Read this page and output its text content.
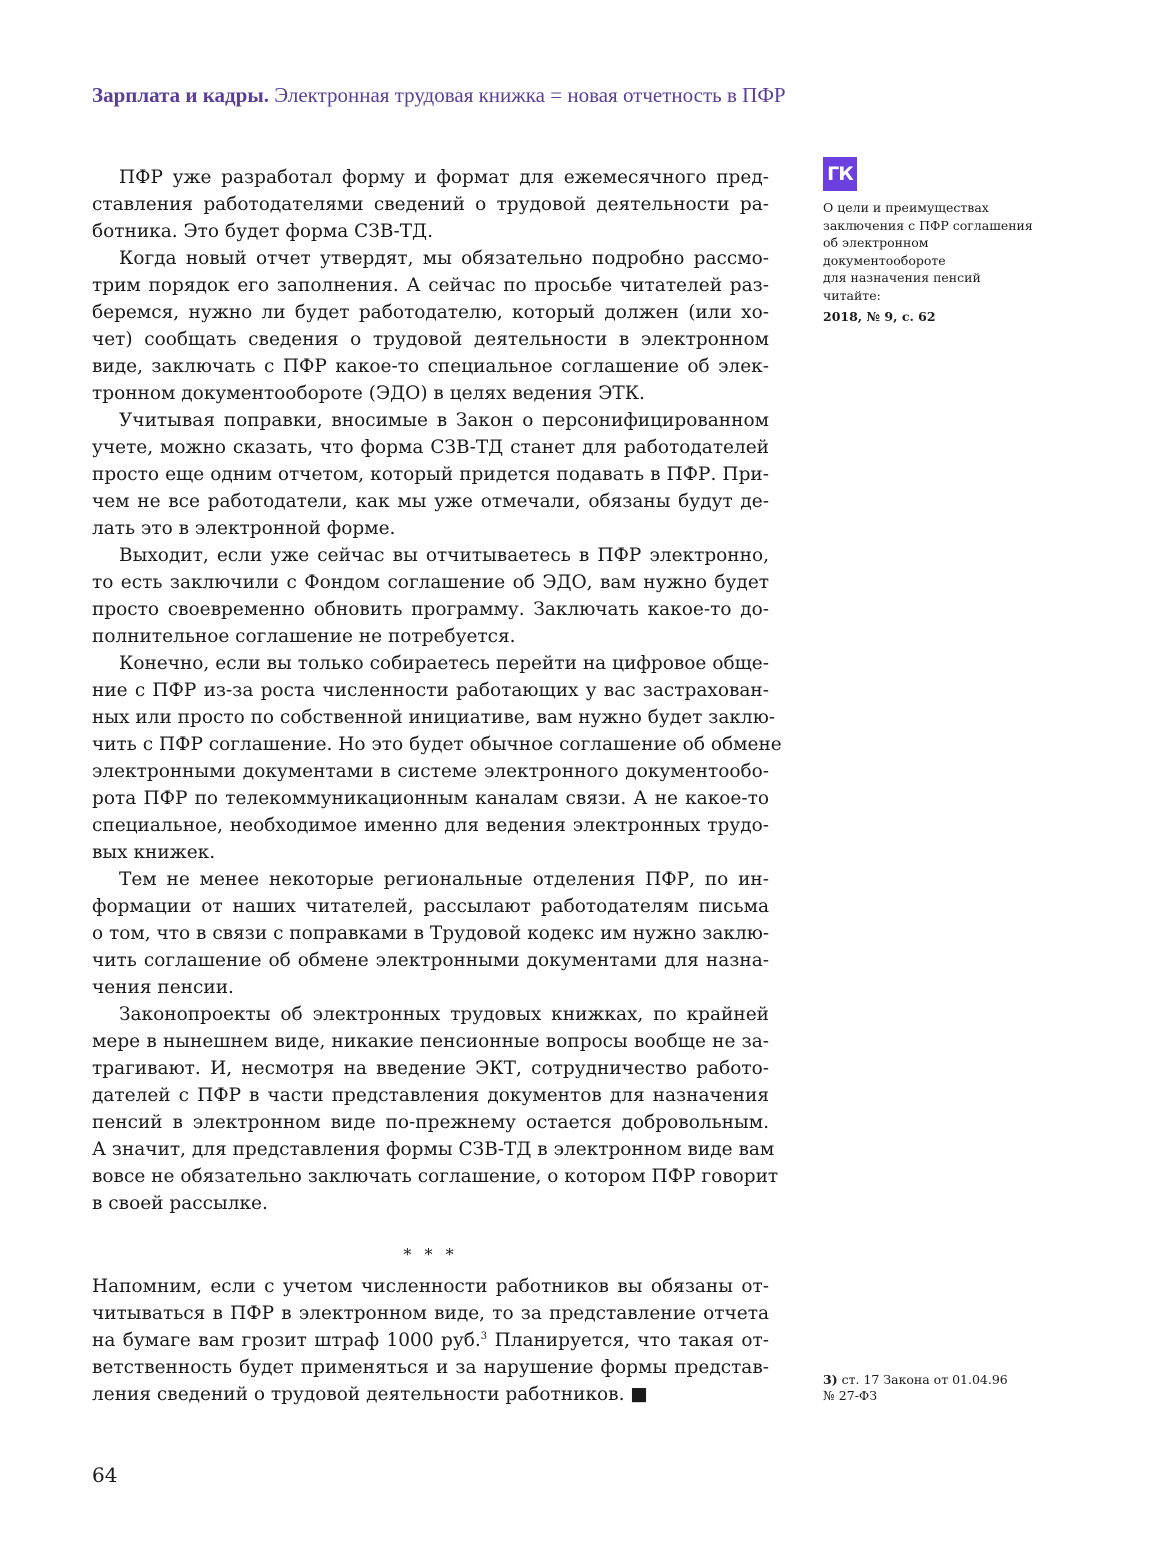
Зарплата и кадры. Электронная трудовая книжка = новая отчетность в ПФР
ПФР уже разработал форму и формат для ежемесячного пред-
ставления работодателями сведений о трудовой деятельности ра-
ботника. Это будет форма СЗВ-ТД.
Когда новый отчет утвердят, мы обязательно подробно рассмо-
трим порядок его заполнения. А сейчас по просьбе читателей раз-
беремся, нужно ли будет работодателю, который должен (или хо-
чет) сообщать сведения о трудовой деятельности в электронном
виде, заключать с ПФР какое-то специальное соглашение об элек-
тронном документообороте (ЭДО) в целях ведения ЭТК.
Учитывая поправки, вносимые в Закон о персонифицированном
учете, можно сказать, что форма СЗВ-ТД станет для работодателей
просто еще одним отчетом, который придется подавать в ПФР. При-
чем не все работодатели, как мы уже отмечали, обязаны будут де-
лать это в электронной форме.
Выходит, если уже сейчас вы отчитываетесь в ПФР электронно,
то есть заключили с Фондом соглашение об ЭДО, вам нужно будет
просто своевременно обновить программу. Заключать какое-то до-
полнительное соглашение не потребуется.
Конечно, если вы только собираетесь перейти на цифровое обще-
ние с ПФР из-за роста численности работающих у вас застрахован-
ных или просто по собственной инициативе, вам нужно будет заклю-
чить с ПФР соглашение. Но это будет обычное соглашение об обмене
электронными документами в системе электронного документообо-
рота ПФР по телекоммуникационным каналам связи. А не какое-то
специальное, необходимое именно для ведения электронных трудо-
вых книжек.
Тем не менее некоторые региональные отделения ПФР, по ин-
формации от наших читателей, рассылают работодателям письма
о том, что в связи с поправками в Трудовой кодекс им нужно заклю-
чить соглашение об обмене электронными документами для назна-
чения пенсии.
Законопроекты об электронных трудовых книжках, по крайней
мере в нынешнем виде, никакие пенсионные вопросы вообще не за-
трагивают. И, несмотря на введение ЭКТ, сотрудничество работо-
дателей с ПФР в части представления документов для назначения
пенсий в электронном виде по-прежнему остается добровольным.
А значит, для представления формы СЗВ-ТД в электронном виде вам
вовсе не обязательно заключать соглашение, о котором ПФР говорит
в своей рассылке.
* * *
Напомним, если с учетом численности работников вы обязаны от-
читываться в ПФР в электронном виде, то за представление отчета
на бумаге вам грозит штраф 1000 руб.$^3$ Планируется, что такая от-
ветственность будет применяться и за нарушение формы представ-
ления сведений о трудовой деятельности работников. ■
ГК
О цели и преимуществах
заключения с ПФР соглашения
об электронном
документообороте
для назначения пенсий
читайте:
2018, № 9, с. 62
3) ст. 17 Закона от 01.04.96
№ 27-ФЗ
64
